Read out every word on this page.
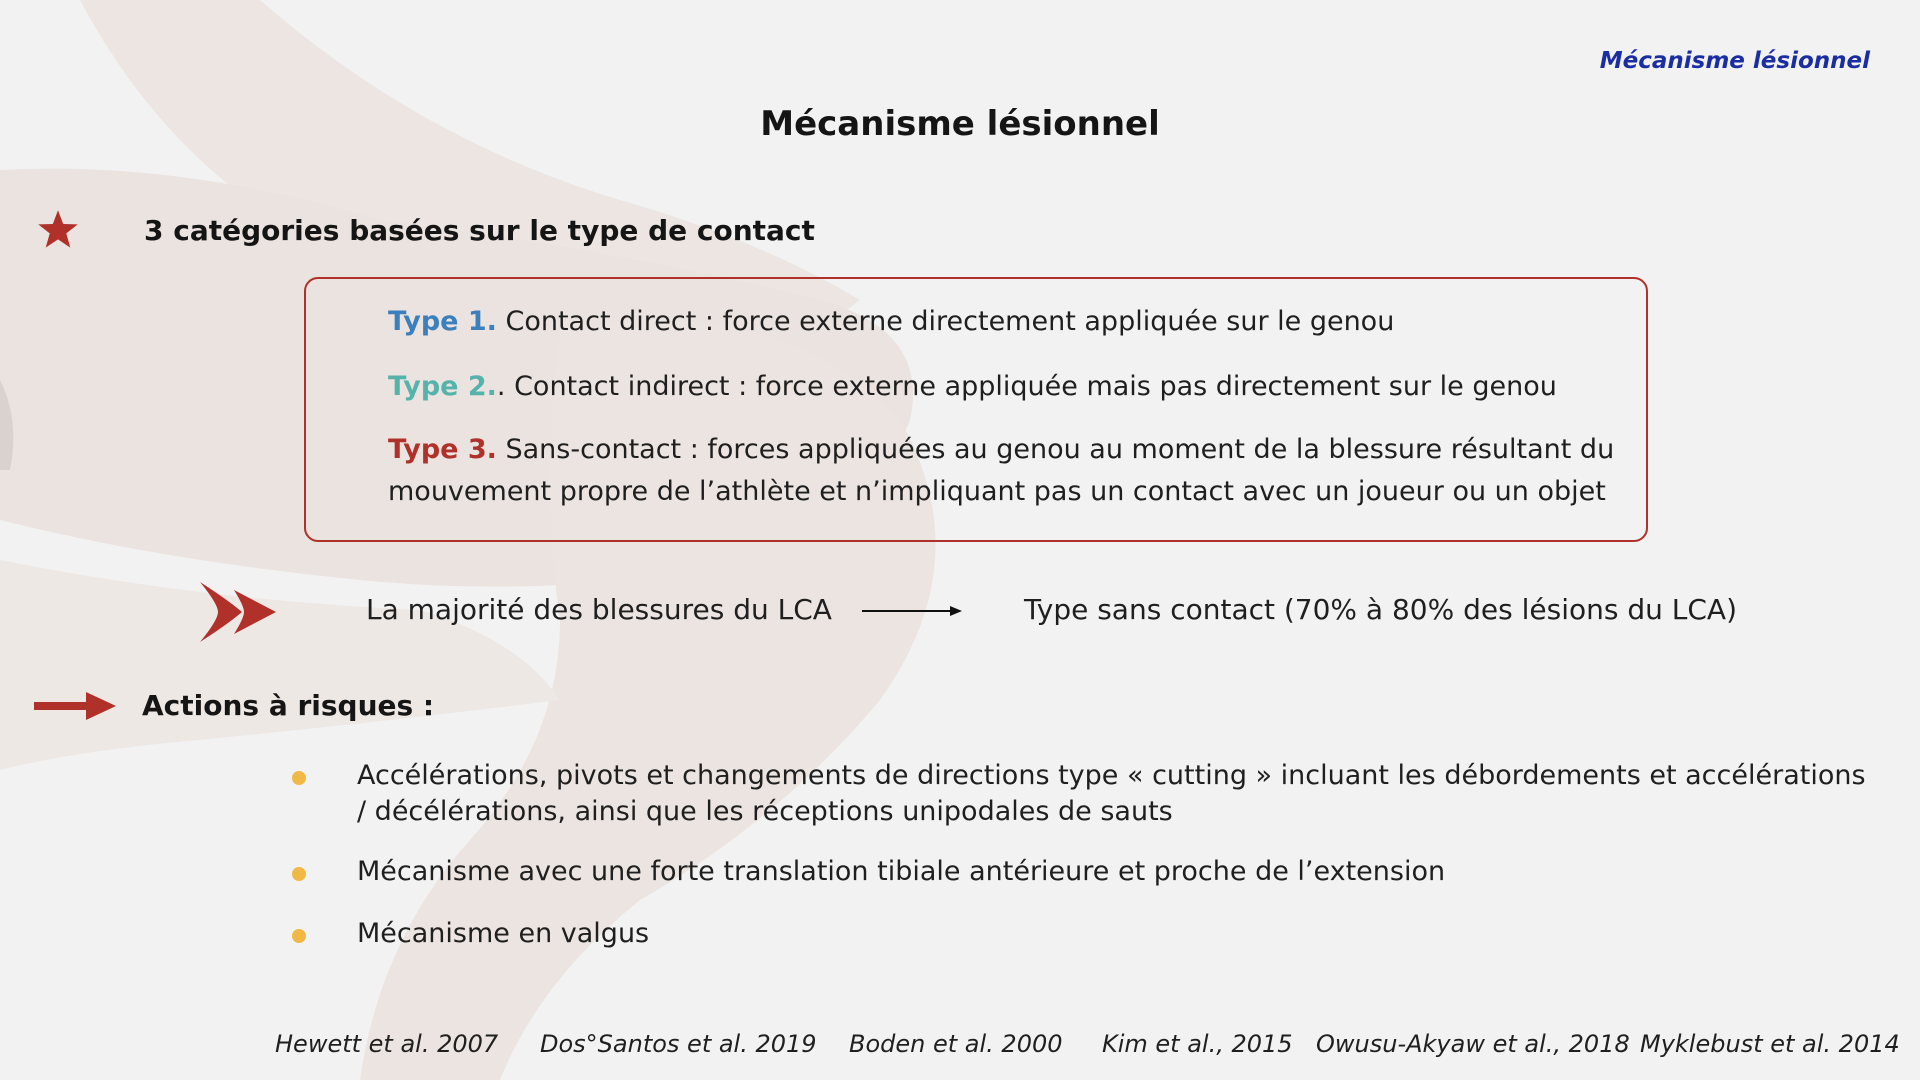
Mécanisme lésionnel
Mécanisme lésionnel
3 catégories basées sur le type de contact
Type 1. Contact direct : force externe directement appliquée sur le genou
Type 2.. Contact indirect : force externe appliquée mais pas directement sur le genou
Type 3. Sans-contact : forces appliquées au genou au moment de la blessure résultant du
mouvement propre de l’athlète et n’impliquant pas un contact avec un joueur ou un objet
La majorité des blessures du LCA	Type sans contact (70% à 80% des lésions du LCA)
Actions à risques :
Accélérations, pivots et changements de directions type « cutting » incluant les débordements et accélérations / décélérations, ainsi que les réceptions unipodales de sauts
Mécanisme avec une forte translation tibiale antérieure et proche de l’extension
Mécanisme en valgus
Hewett et al. 2007 Dos°Santos et al. 2019 Boden et al. 2000 Kim et al., 2015 Owusu-Akyaw et al., 2018 Myklebust et al. 2014
